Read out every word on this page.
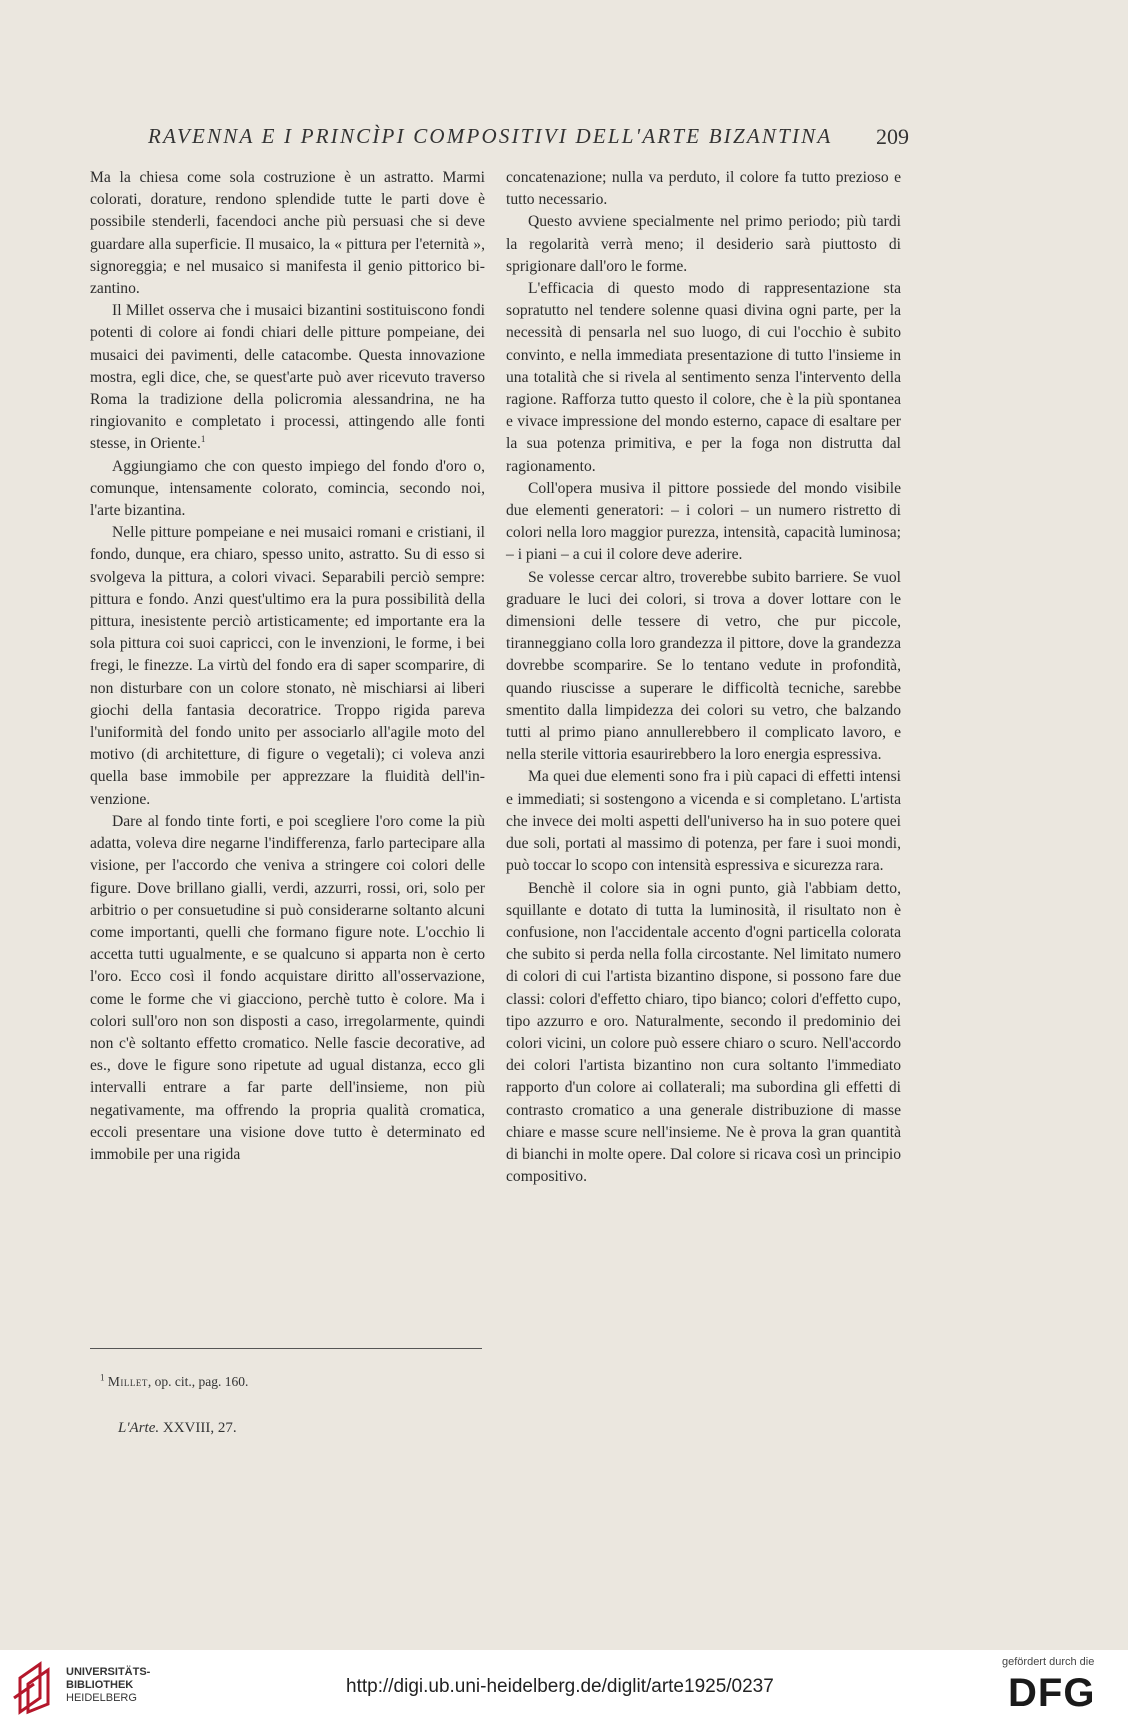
RAVENNA E I PRINCÌPI COMPOSITIVI DELL'ARTE BIZANTINA	209

Ma la chiesa come sola costruzione è un astratto. Marmi colorati, dorature, rendono splendide tutte le parti dove è possibile stenderli, facendoci anche più persuasi che si deve guardare alla superficie. Il musaico, la « pittura per l'eternità », signoreggia; e nel musaico si manifesta il genio pittorico bizantino.

Il Millet osserva che i musaici bizantini sostituiscono fondi potenti di colore ai fondi chiari delle pitture pompeiane, dei musaici dei pavimenti, delle catacombe. Questa innovazione mostra, egli dice, che, se quest'arte può aver ricevuto traverso Roma la tradizione della policromia alessandrina, ne ha ringiovanito e completato i processi, attingendo alle fonti stesse, in Oriente.$^1$

Aggiungiamo che con questo impiego del fondo d'oro o, comunque, intensamente colorato, comincia, secondo noi, l'arte bizantina.

Nelle pitture pompeiane e nei musaici romani e cristiani, il fondo, dunque, era chiaro, spesso unito, astratto. Su di esso si svolgeva la pittura, a colori vivaci. Separabili perciò sempre: pittura e fondo. Anzi quest'ultimo era la pura possibilità della pittura, inesistente perciò artisticamente; ed importante era la sola pittura coi suoi capricci, con le invenzioni, le forme, i bei fregi, le finezze. La virtù del fondo era di saper scomparire, di non disturbare con un colore stonato, nè mischiarsi ai liberi giochi della fantasia decoratrice. Troppo rigida pareva l'uniformità del fondo unito per associarlo all'agile moto del motivo (di architetture, di figure o vegetali); ci voleva anzi quella base immobile per apprezzare la fluidità dell'invenzione.

Dare al fondo tinte forti, e poi scegliere l'oro come la più adatta, voleva dire negarne l'indifferenza, farlo partecipare alla visione, per l'accordo che veniva a stringere coi colori delle figure. Dove brillano gialli, verdi, azzurri, rossi, ori, solo per arbitrio o per consuetudine si può considerarne soltanto alcuni come importanti, quelli che formano figure note. L'occhio li accetta tutti ugualmente, e se qualcuno si apparta non è certo l'oro. Ecco così il fondo acquistare diritto all'osservazione, come le forme che vi giacciono, perchè tutto è colore. Ma i colori sull'oro non son disposti a caso, irregolarmente, quindi non c'è soltanto effetto cromatico. Nelle fascie decorative, ad es., dove le figure sono ripetute ad ugual distanza, ecco gli intervalli entrare a far parte dell'insieme, non più negativamente, ma offrendo la propria qualità cromatica, eccoli presentare una visione dove tutto è determinato ed immobile per una rigida

concatenazione; nulla va perduto, il colore fa tutto prezioso e tutto necessario.

Questo avviene specialmente nel primo periodo; più tardi la regolarità verrà meno; il desiderio sarà piuttosto di sprigionare dall'oro le forme.

L'efficacia di questo modo di rappresentazione sta sopratutto nel tendere solenne quasi divina ogni parte, per la necessità di pensarla nel suo luogo, di cui l'occhio è subito convinto, e nella immediata presentazione di tutto l'insieme in una totalità che si rivela al sentimento senza l'intervento della ragione. Rafforza tutto questo il colore, che è la più spontanea e vivace impressione del mondo esterno, capace di esaltare per la sua potenza primitiva, e per la foga non distrutta dal ragionamento.

Coll'opera musiva il pittore possiede del mondo visibile due elementi generatori: – i colori – un numero ristretto di colori nella loro maggior purezza, intensità, capacità luminosa; – i piani – a cui il colore deve aderire.

Se volesse cercar altro, troverebbe subito barriere. Se vuol graduare le luci dei colori, si trova a dover lottare con le dimensioni delle tessere di vetro, che pur piccole, tiranneggiano colla loro grandezza il pittore, dove la grandezza dovrebbe scomparire. Se lo tentano vedute in profondità, quando riuscisse a superare le difficoltà tecniche, sarebbe smentito dalla limpidezza dei colori su vetro, che balzando tutti al primo piano annullerebbero il complicato lavoro, e nella sterile vittoria esaurirebbero la loro energia espressiva.

Ma quei due elementi sono fra i più capaci di effetti intensi e immediati; si sostengono a vicenda e si completano. L'artista che invece dei molti aspetti dell'universo ha in suo potere quei due soli, portati al massimo di potenza, per fare i suoi mondi, può toccar lo scopo con intensità espressiva e sicurezza rara.

Benchè il colore sia in ogni punto, già l'abbiam detto, squillante e dotato di tutta la luminosità, il risultato non è confusione, non l'accidentale accento d'ogni particella colorata che subito si perda nella folla circostante. Nel limitato numero di colori di cui l'artista bizantino dispone, si possono fare due classi: colori d'effetto chiaro, tipo bianco; colori d'effetto cupo, tipo azzurro e oro. Naturalmente, secondo il predominio dei colori vicini, un colore può essere chiaro o scuro. Nell'accordo dei colori l'artista bizantino non cura soltanto l'immediato rapporto d'un colore ai collaterali; ma subordina gli effetti di contrasto cromatico a una generale distribuzione di masse chiare e masse scure nell'insieme. Ne è prova la gran quantità di bianchi in molte opere. Dal colore si ricava così un principio compositivo.

$^1$ Millet, op. cit., pag. 160.
L'Arte. XXVIII, 27.
UNIVERSITÄTS-
BIBLIOTHEK
HEIDELBERG
http://digi.ub.uni-heidelberg.de/diglit/arte1925/0237
gefördert durch die
DFG
